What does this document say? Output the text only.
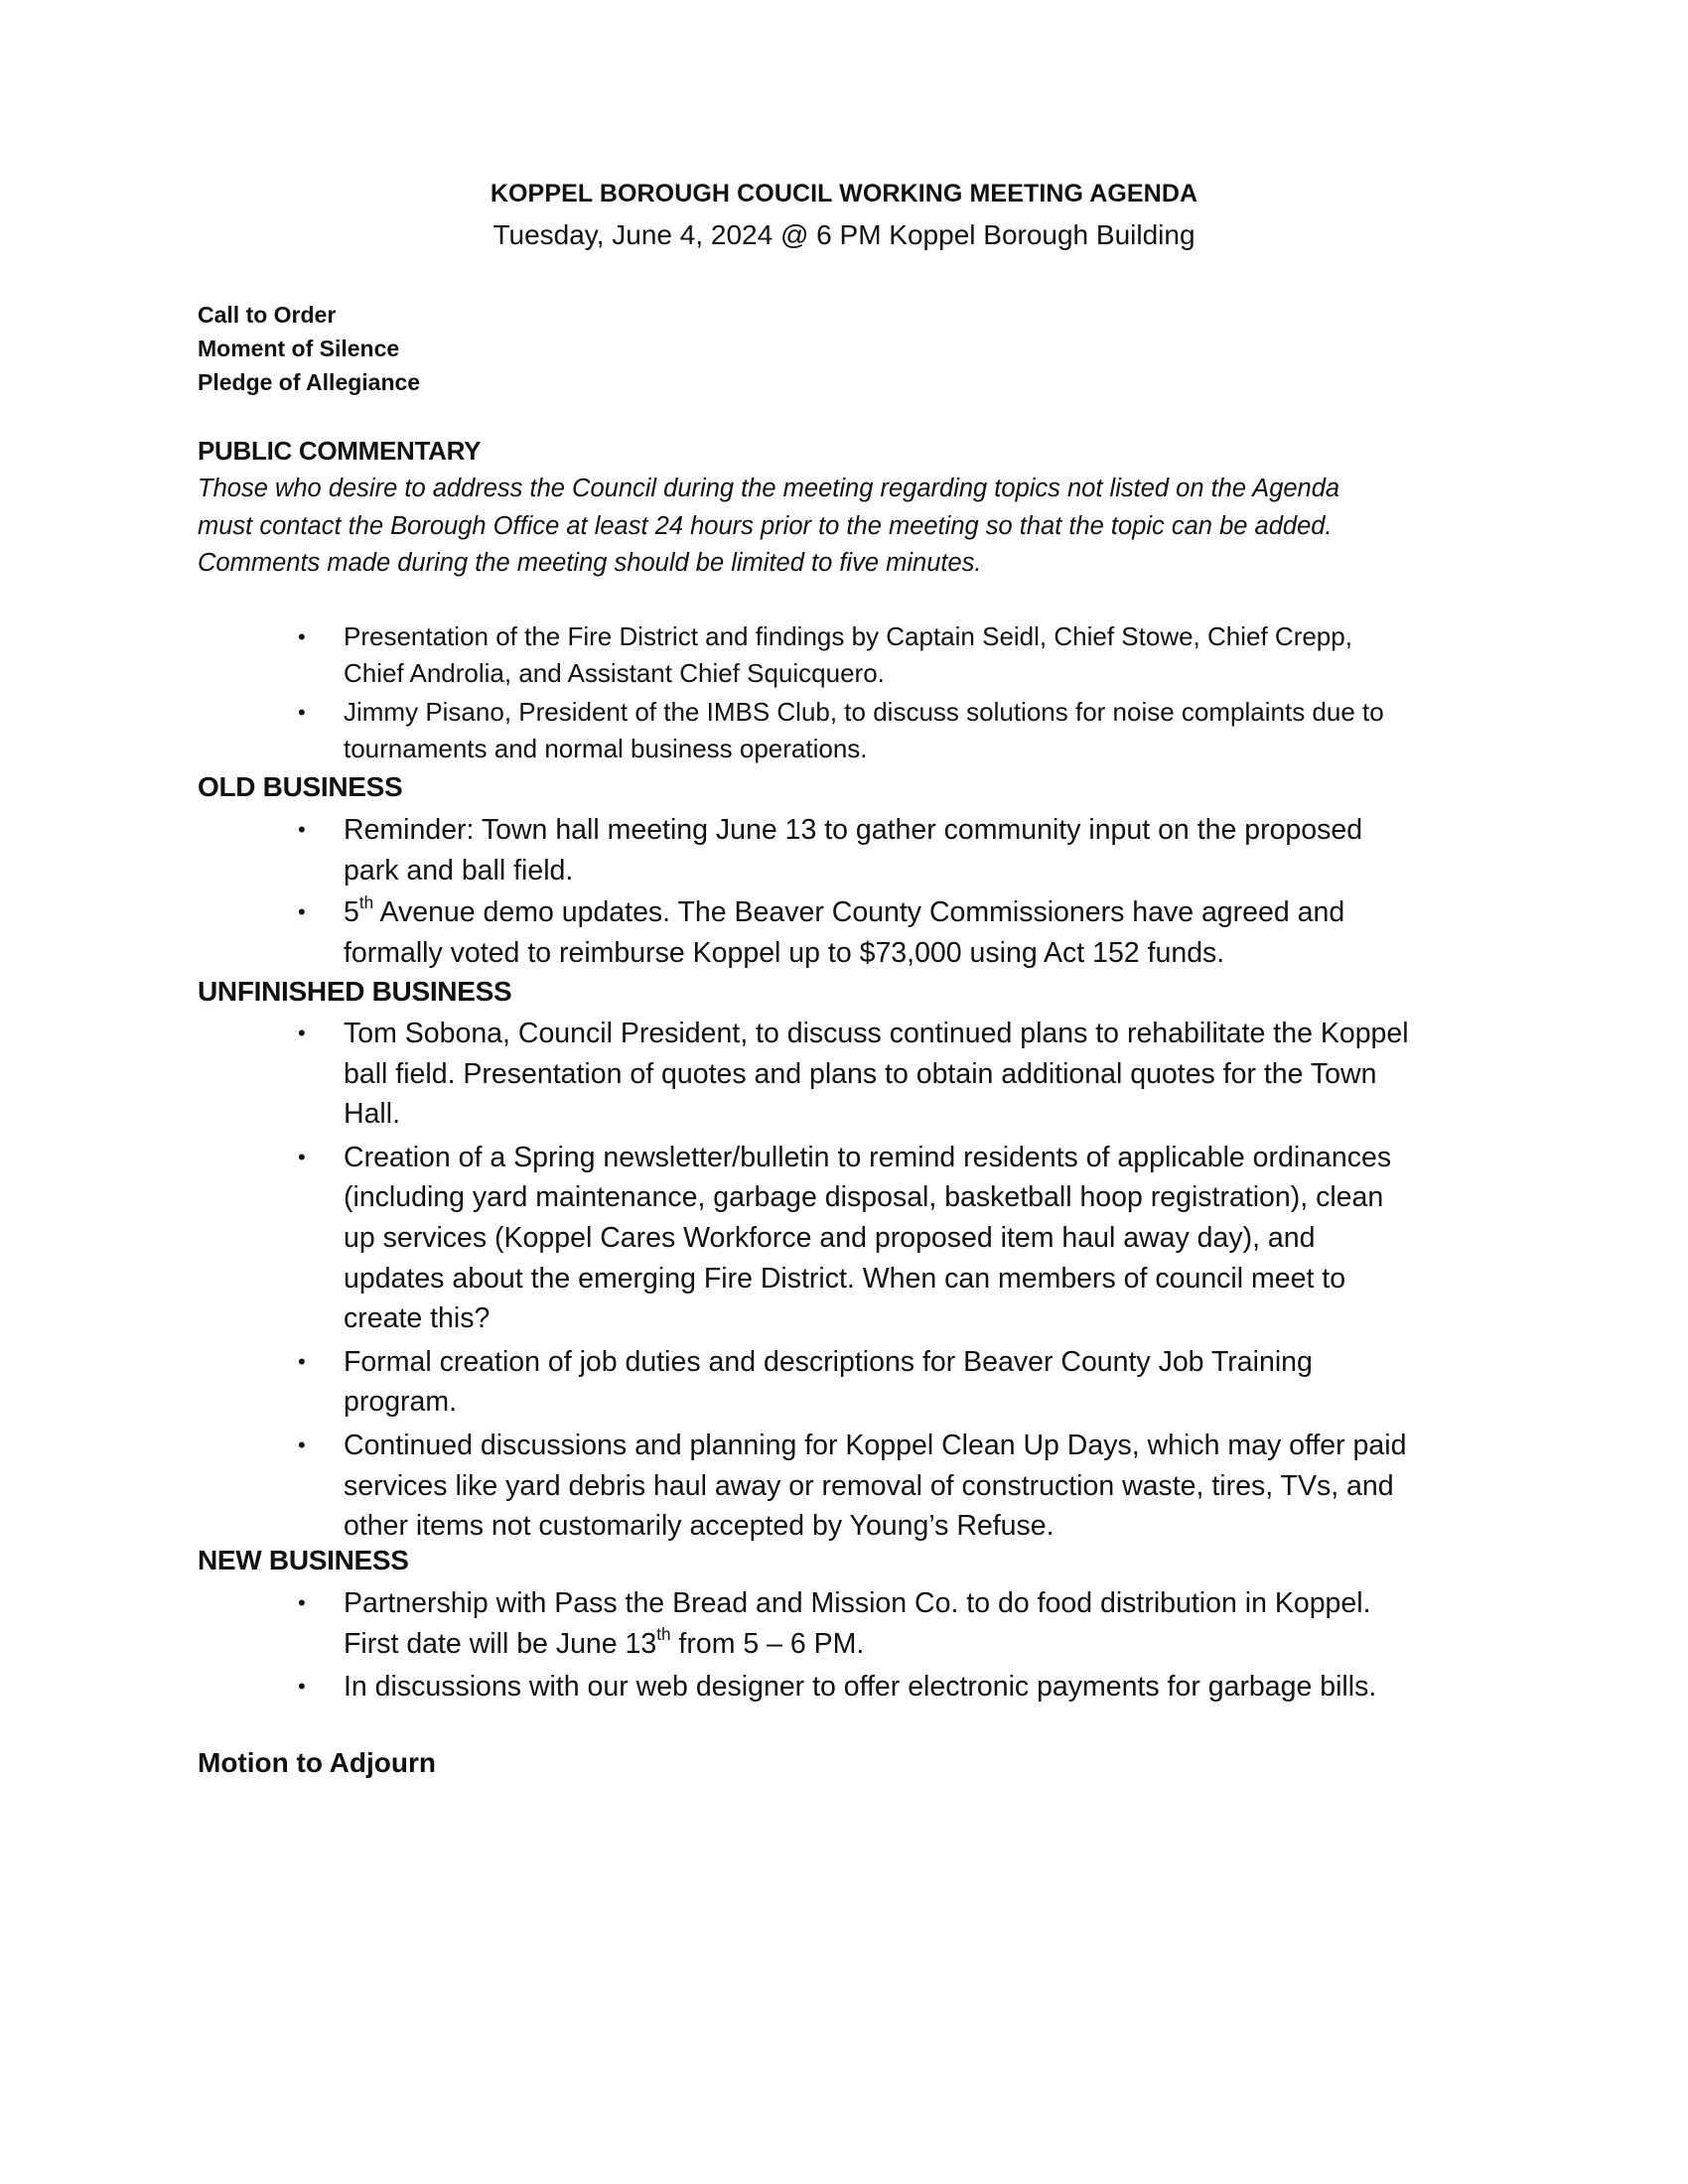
KOPPEL BOROUGH COUCIL WORKING MEETING AGENDA
Tuesday, June 4, 2024 @ 6 PM Koppel Borough Building
Call to Order
Moment of Silence
Pledge of Allegiance
PUBLIC COMMENTARY
Those who desire to address the Council during the meeting regarding topics not listed on the Agenda
must contact the Borough Office at least 24 hours prior to the meeting so that the topic can be added.
Comments made during the meeting should be limited to five minutes.
• Presentation of the Fire District and findings by Captain Seidl, Chief Stowe, Chief Crepp,
Chief Androlia, and Assistant Chief Squicquero.
• Jimmy Pisano, President of the IMBS Club, to discuss solutions for noise complaints due to
tournaments and normal business operations.
OLD BUSINESS
• Reminder: Town hall meeting June 13 to gather community input on the proposed
park and ball field.
• 5th Avenue demo updates. The Beaver County Commissioners have agreed and
formally voted to reimburse Koppel up to $73,000 using Act 152 funds.
UNFINISHED BUSINESS
• Tom Sobona, Council President, to discuss continued plans to rehabilitate the Koppel
ball field. Presentation of quotes and plans to obtain additional quotes for the Town
Hall.
• Creation of a Spring newsletter/bulletin to remind residents of applicable ordinances
(including yard maintenance, garbage disposal, basketball hoop registration), clean
up services (Koppel Cares Workforce and proposed item haul away day), and
updates about the emerging Fire District. When can members of council meet to
create this?
• Formal creation of job duties and descriptions for Beaver County Job Training
program.
• Continued discussions and planning for Koppel Clean Up Days, which may offer paid
services like yard debris haul away or removal of construction waste, tires, TVs, and
other items not customarily accepted by Young’s Refuse.
NEW BUSINESS
• Partnership with Pass the Bread and Mission Co. to do food distribution in Koppel.
First date will be June 13th from 5 – 6 PM.
• In discussions with our web designer to offer electronic payments for garbage bills.
Motion to Adjourn
